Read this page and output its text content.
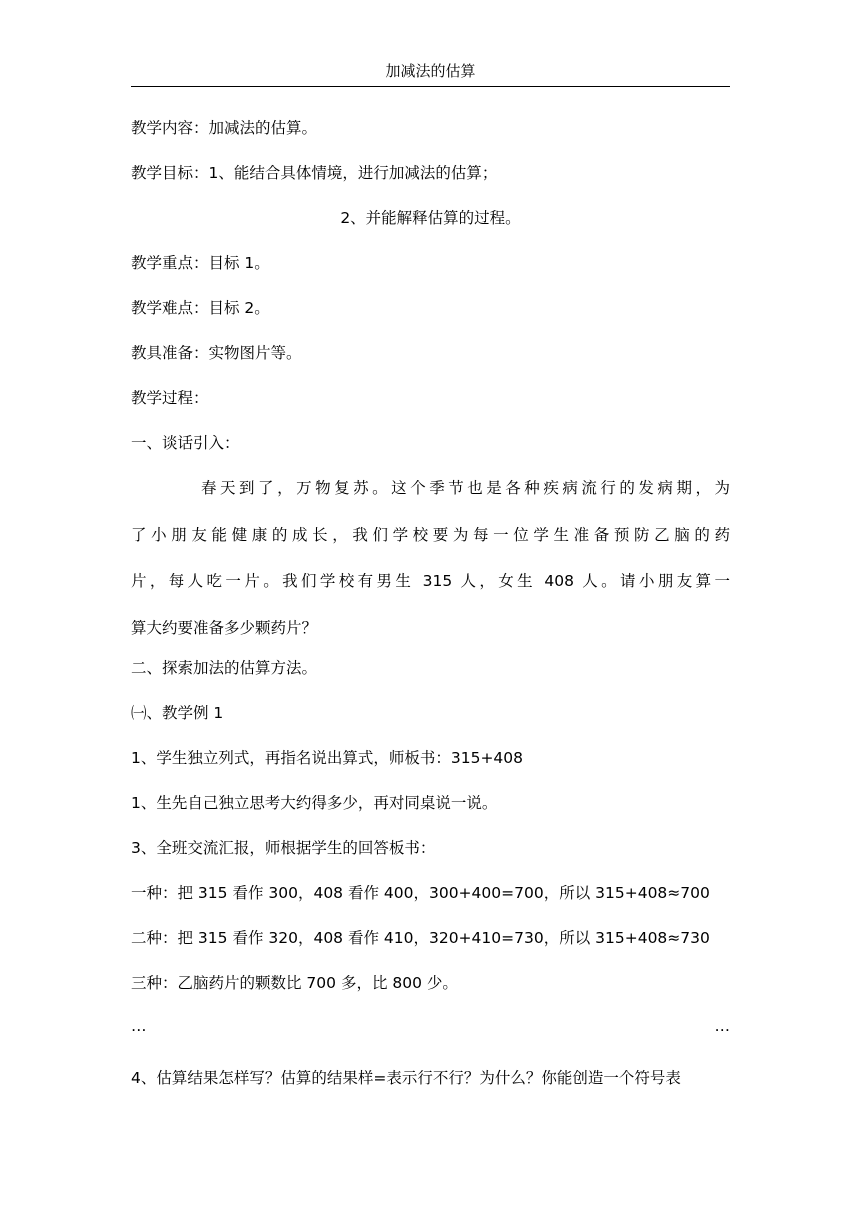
加减法的估算
教学内容：加减法的估算。
教学目标：1、能结合具体情境，进行加减法的估算；
2、并能解释估算的过程。
教学重点：目标 1。
教学难点：目标 2。
教具准备：实物图片等。
教学过程：
一、谈话引入：
春天到了，万物复苏。这个季节也是各种疾病流行的发病期，为
了小朋友能健康的成长，我们学校要为每一位学生准备预防乙脑的药
片，每人吃一片。我们学校有男生 315 人，女生 408 人。请小朋友算一
算大约要准备多少颗药片？
二、探索加法的估算方法。
㈠、教学例 1
1、学生独立列式，再指名说出算式，师板书：315+408
1、生先自己独立思考大约得多少，再对同桌说一说。
3、全班交流汇报，师根据学生的回答板书：
一种：把 315 看作 300，408 看作 400，300+400=700，所以 315+408≈700
二种：把 315 看作 320，408 看作 410，320+410=730，所以 315+408≈730
三种：乙脑药片的颗数比 700 多，比 800 少。
…	…
4、估算结果怎样写？估算的结果样=表示行不行？为什么？你能创造一个符号表
